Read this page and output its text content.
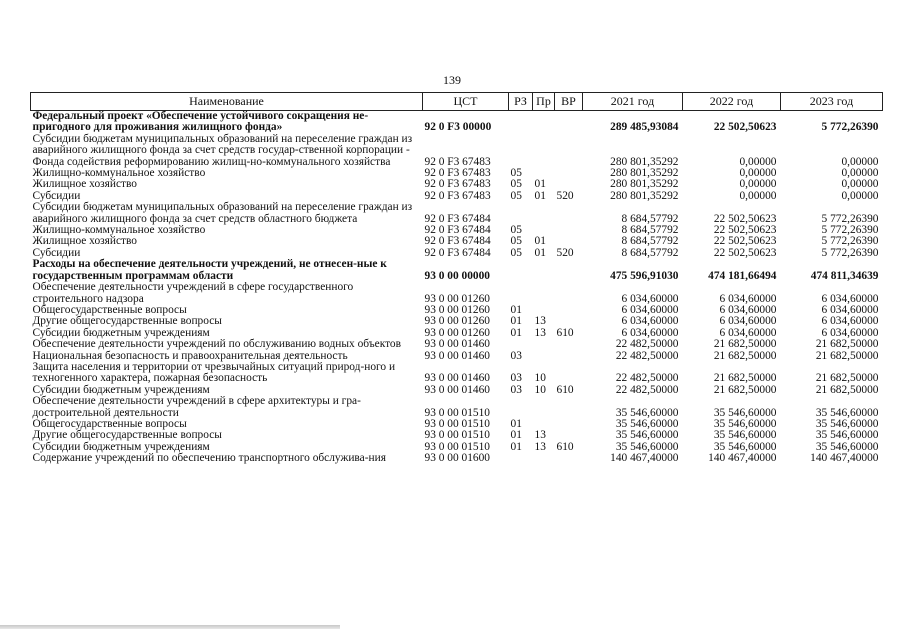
139
Наименование	ЦСТ	РЗ	Пр	ВР	2021 год	2022 год	2023 год
Федеральный проект «Обеспечение устойчивого сокращения не-пригодного для проживания жилищного фонда»	92 0 F3 00000				289 485,93084	22 502,50623	5 772,26390
Субсидии бюджетам муниципальных образований на переселение граждан из аварийного жилищного фонда за счет средств государ-ственной корпорации - Фонда содействия реформированию жилищ-но-коммунального хозяйства	92 0 F3 67483				280 801,35292	0,00000	0,00000
Жилищно-коммунальное хозяйство	92 0 F3 67483	05			280 801,35292	0,00000	0,00000
Жилищное хозяйство	92 0 F3 67483	05	01		280 801,35292	0,00000	0,00000
Субсидии	92 0 F3 67483	05	01	520	280 801,35292	0,00000	0,00000
Субсидии бюджетам муниципальных образований на переселение граждан из аварийного жилищного фонда за счет средств областного бюджета	92 0 F3 67484				8 684,57792	22 502,50623	5 772,26390
Жилищно-коммунальное хозяйство	92 0 F3 67484	05			8 684,57792	22 502,50623	5 772,26390
Жилищное хозяйство	92 0 F3 67484	05	01		8 684,57792	22 502,50623	5 772,26390
Субсидии	92 0 F3 67484	05	01	520	8 684,57792	22 502,50623	5 772,26390
Расходы на обеспечение деятельности учреждений, не отнесен-ные к государственным программам области	93 0 00 00000				475 596,91030	474 181,66494	474 811,34639
Обеспечение деятельности учреждений в сфере государственного строительного надзора	93 0 00 01260				6 034,60000	6 034,60000	6 034,60000
Общегосударственные вопросы	93 0 00 01260	01			6 034,60000	6 034,60000	6 034,60000
Другие общегосударственные вопросы	93 0 00 01260	01	13		6 034,60000	6 034,60000	6 034,60000
Субсидии бюджетным учреждениям	93 0 00 01260	01	13	610	6 034,60000	6 034,60000	6 034,60000
Обеспечение деятельности учреждений по обслуживанию водных объектов	93 0 00 01460				22 482,50000	21 682,50000	21 682,50000
Национальная безопасность и правоохранительная деятельность	93 0 00 01460	03			22 482,50000	21 682,50000	21 682,50000
Защита населения и территории от чрезвычайных ситуаций природ-ного и техногенного характера, пожарная безопасность	93 0 00 01460	03	10		22 482,50000	21 682,50000	21 682,50000
Субсидии бюджетным учреждениям	93 0 00 01460	03	10	610	22 482,50000	21 682,50000	21 682,50000
Обеспечение деятельности учреждений в сфере архитектуры и гра-достроительной деятельности	93 0 00 01510				35 546,60000	35 546,60000	35 546,60000
Общегосударственные вопросы	93 0 00 01510	01			35 546,60000	35 546,60000	35 546,60000
Другие общегосударственные вопросы	93 0 00 01510	01	13		35 546,60000	35 546,60000	35 546,60000
Субсидии бюджетным учреждениям	93 0 00 01510	01	13	610	35 546,60000	35 546,60000	35 546,60000
Содержание учреждений по обеспечению транспортного обслужива-ния	93 0 00 01600				140 467,40000	140 467,40000	140 467,40000
